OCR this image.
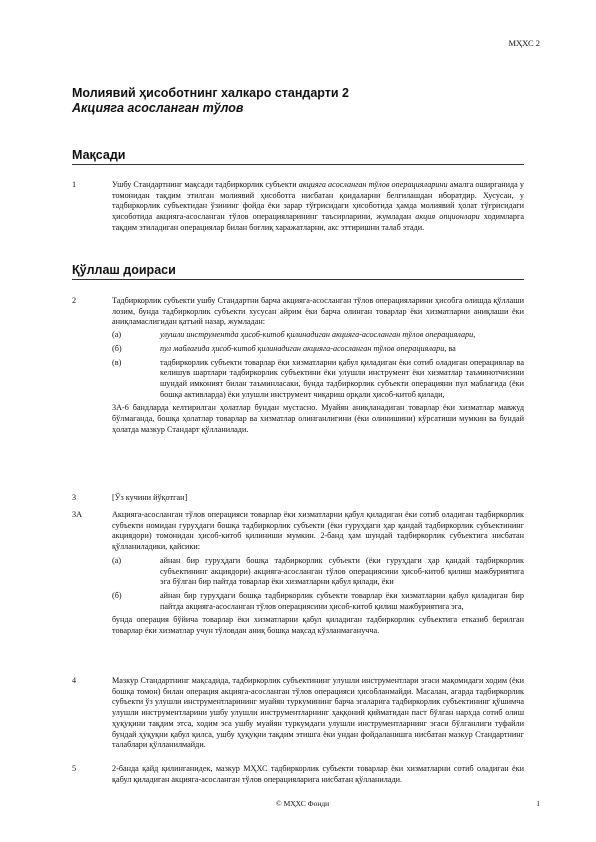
МҲХС 2
Молиявий ҳисоботнинг халкаро стандарти 2
Акцияга асосланган тўлов
Мақсади
1	Ушбу Стандартнинг мақсади тадбиркорлик субъекти акцияга асосланган тўлов операцияларини амалга оширганида у томонидан тақдим этилган молиявий ҳисоботга нисбатан қоидаларни белгилашдан иборатдир. Хусусан, у тадбиркорлик субъектидан ўзининг фойда ёки зарар тўғрисидаги ҳисоботида ҳамда молиявий ҳолат тўғрисидаги ҳисоботида акцияга-асосланган тўлов операцияларининг таъсирларини, жумладан акция опционлари ходимларга тақдим этиладиган операциялар билан боғлиқ харажатларни, акс эттиришни талаб этади.
Қўллаш доираси
2	Тадбиркорлик субъекти ушбу Стандартни барча акцияга-асосланган тўлов операцияларини ҳисобга олишда қўллаши лозим, бунда тадбиркорлик субъекти хусусан айрим ёки барча олинган товарлар ёки хизматларни аниқлаши ёки аниқламаслигидан қатъий назар, жумладан:
(а)	улушли инструментда ҳисоб-китоб қилинадиган акцияга-асосланган тўлов операциялари,
(б)	пул маблағида ҳисоб-китоб қилинадиган акцияга-асосланган тўлов операциялари, ва
(в)	тадбиркорлик субъекти товарлар ёки хизматларни қабул қиладиган ёки сотиб оладиган операциялар ва келишув шартлари тадбиркорлик субъектини ёки улушли инструмент ёки хизматлар таъминотчисини шундай имконият билан таъминласаки, бунда тадбиркорлик субъекти операцияни пул маблағида (ёки бошқа активларда) ёки улушли инструмент чиқариш орқали ҳисоб-китоб қилади,
3А-6 бандларда келтирилган ҳолатлар бундан мустасно. Муайян аниқланадиган товарлар ёки хизматлар мавжуд бўлмаганда, бошқа ҳолатлар товарлар ва хизматлар олинганлигини (ёки олинишини) кўрсатиши мумкин ва бундай ҳолатда мазкур Стандарт қўлланилади.
3	[Ўз кучини йўқотган]
3А	Акцияга-асосланган тўлов операцияси товарлар ёки хизматларни қабул қиладиган ёки сотиб оладиган тадбиркорлик субъекти номидан гуруҳдаги бошқа тадбиркорлик субъекти (ёки гуруҳдаги ҳар қандай тадбиркорлик субъектининг акциядори) томонидан ҳисоб-китоб қилиниши мумкин. 2-банд ҳам шундай тадбиркорлик субъектига нисбатан қўлланиладики, қайсики:
(а)	айнан бир гуруҳдаги бошқа тадбиркорлик субъекти (ёки гуруҳдаги ҳар қандай тадбиркорлик субъектининг акциядори) акцияга-асосланган тўлов операциясини ҳисоб-китоб қилиш мажбуриятига эга бўлган бир пайтда товарлар ёки хизматларни қабул қилади, ёки
(б)	айнан бир гуруҳдаги бошқа тадбиркорлик субъекти товарлар ёки хизматларни қабул қиладиган бир пайтда акцияга-асосланган тўлов операциясини ҳисоб-китоб қилиш мажбуриятига эга,
бунда операция бўйича товарлар ёки хизматларни қабул қиладиган тадбиркорлик субъектига етказиб берилган товарлар ёки хизматлар учун тўловдан аниқ бошқа мақсад кўзланмаганучча.
4	Мазкур Стандартнинг мақсадида, тадбиркорлик субъектининг улушли инструментлари эгаси мақомидаги ходим (ёки бошқа томон) билан операция акцияга-асосланган тўлов операцияси ҳисобланмайди. Масалан, агарда тадбиркорлик субъекти ўз улушли инструментларининг муайян туркумининг барча эгаларига тадбиркорлик субъектининг қўшимча улушли инструментларини ушбу улушли инструментларнинг ҳаққоний қийматидан паст бўлган нархда сотиб олиш ҳуқуқини тақдим этса, ходим эса ушбу муайян туркумдаги улушли инструментларнинг эгаси бўлганлиги туфайли бундай ҳуқуқни қабул қилса, ушбу ҳуқуқни тақдим этишга ёки ундан фойдаланишга нисбатан мазкур Стандартнинг талаблари қўлланилмайди.
5	2-банда қайд қилинганидек, мазкур МҲХС тадбиркорлик субъекти товарлар ёки хизматларни сотиб оладиган ёки қабул қиладиган акцияга-асосланган тўлов операцияларига нисбатан қўлланилади.
© МҲХС Фонди	1
